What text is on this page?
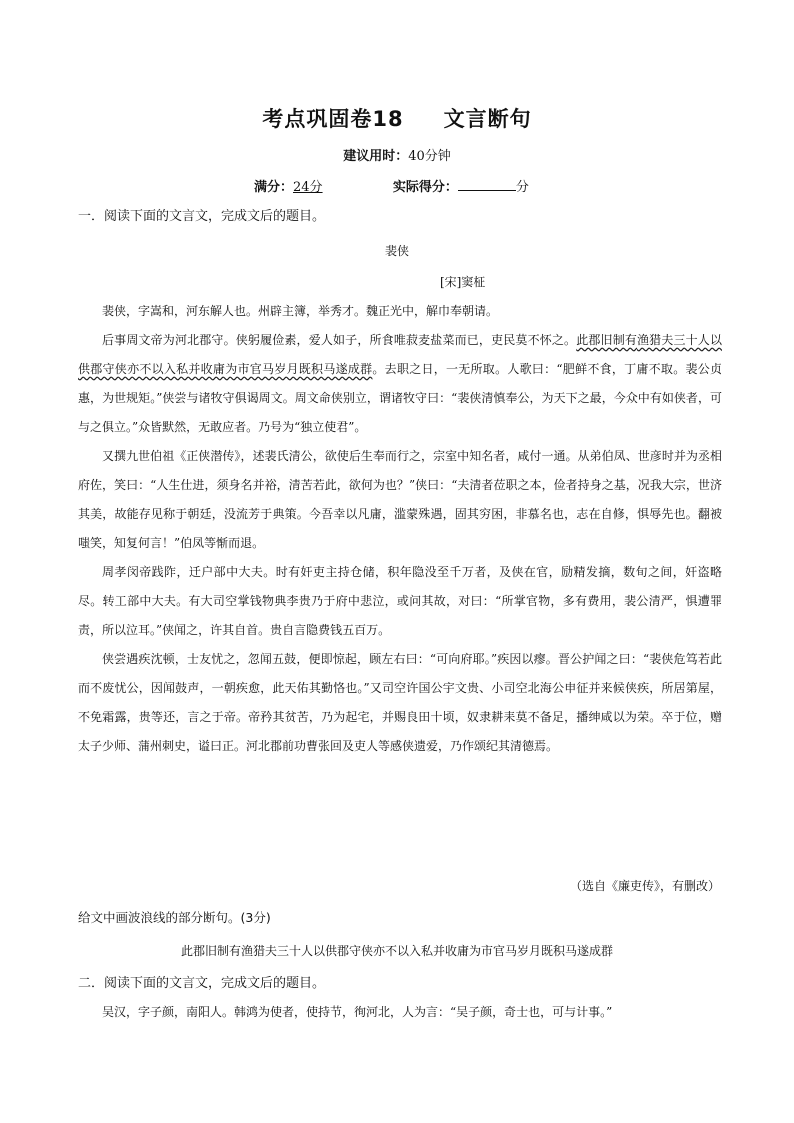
考点巩固卷18 文言断句
建议用时：40分钟
满分：24分	实际得分：	分
一．阅读下面的文言文，完成文后的题目。
裴侠
[宋]窦柾

裴侠，字嵩和，河东解人也。州辟主簿，举秀才。魏正光中，解巾奉朝请。

后事周文帝为河北郡守。侠躬履俭素，爱人如子，所食唯菽麦盐菜而已，吏民莫不怀之。此郡旧制有渔猎夫三十人以供郡守侠亦不以入私并收庸为市官马岁月既积马遂成群。去职之日，一无所取。人歌曰：“肥鲜不食，丁庸不取。裴公贞惠，为世规矩。”侠尝与诸牧守俱谒周文。周文命侠别立，谓诸牧守曰：“裴侠清慎奉公，为天下之最，今众中有如侠者，可与之俱立。”众皆默然，无敢应者。乃号为“独立使君”。

又撰九世伯祖《正侠潜传》，述裴氏清公，欲使后生奉而行之，宗室中知名者，咸付一通。从弟伯凤、世彦时并为丞相府佐，笑曰：“人生仕进，须身名并裕，清苦若此，欲何为也？”侠曰：“夫清者莅职之本，俭者持身之基，况我大宗，世济其美，故能存见称于朝廷，没流芳于典策。今吾幸以凡庸，滥蒙殊遇，固其穷困，非慕名也，志在自修，惧辱先也。翻被嗤笑，知复何言！”伯凤等惭而退。

周孝闵帝践阼，迁户部中大夫。时有奸吏主持仓储，积年隐没至千万者，及侠在官，励精发摘，数旬之间，奸盗略尽。转工部中大夫。有大司空掌钱物典李贵乃于府中悲泣，或问其故，对曰：“所掌官物，多有费用，裴公清严，惧遭罪责，所以泣耳。”侠闻之，许其自首。贵自言隐费钱五百万。

侠尝遇疾沈顿，士友忧之，忽闻五鼓，便即惊起，顾左右曰：“可向府耶。”疾因以瘳。晋公护闻之曰：“裴侠危笃若此而不废忧公，因闻鼓声，一朝疾愈，此天佑其勤恪也。”又司空许国公宇文贵、小司空北海公申征并来候侠疾，所居第屋，不免霜露，贵等还，言之于帝。帝矜其贫苦，乃为起宅，并赐良田十顷，奴隶耕耒莫不备足，播绅咸以为荣。卒于位，赠太子少师、蒲州刺史，谥曰正。河北郡前功曹张回及吏人等感侠遗爱，乃作颂纪其清德焉。

（选自《廉吏传》，有删改）
给文中画波浪线的部分断句。(3分)
此郡旧制有渔猎夫三十人以供郡守侠亦不以入私并收庸为市官马岁月既积马遂成群
二．阅读下面的文言文，完成文后的题目。

吴汉，字子颜，南阳人。韩鸿为使者，使持节，徇河北，人为言：“吴子颜，奇士也，可与计事。”
